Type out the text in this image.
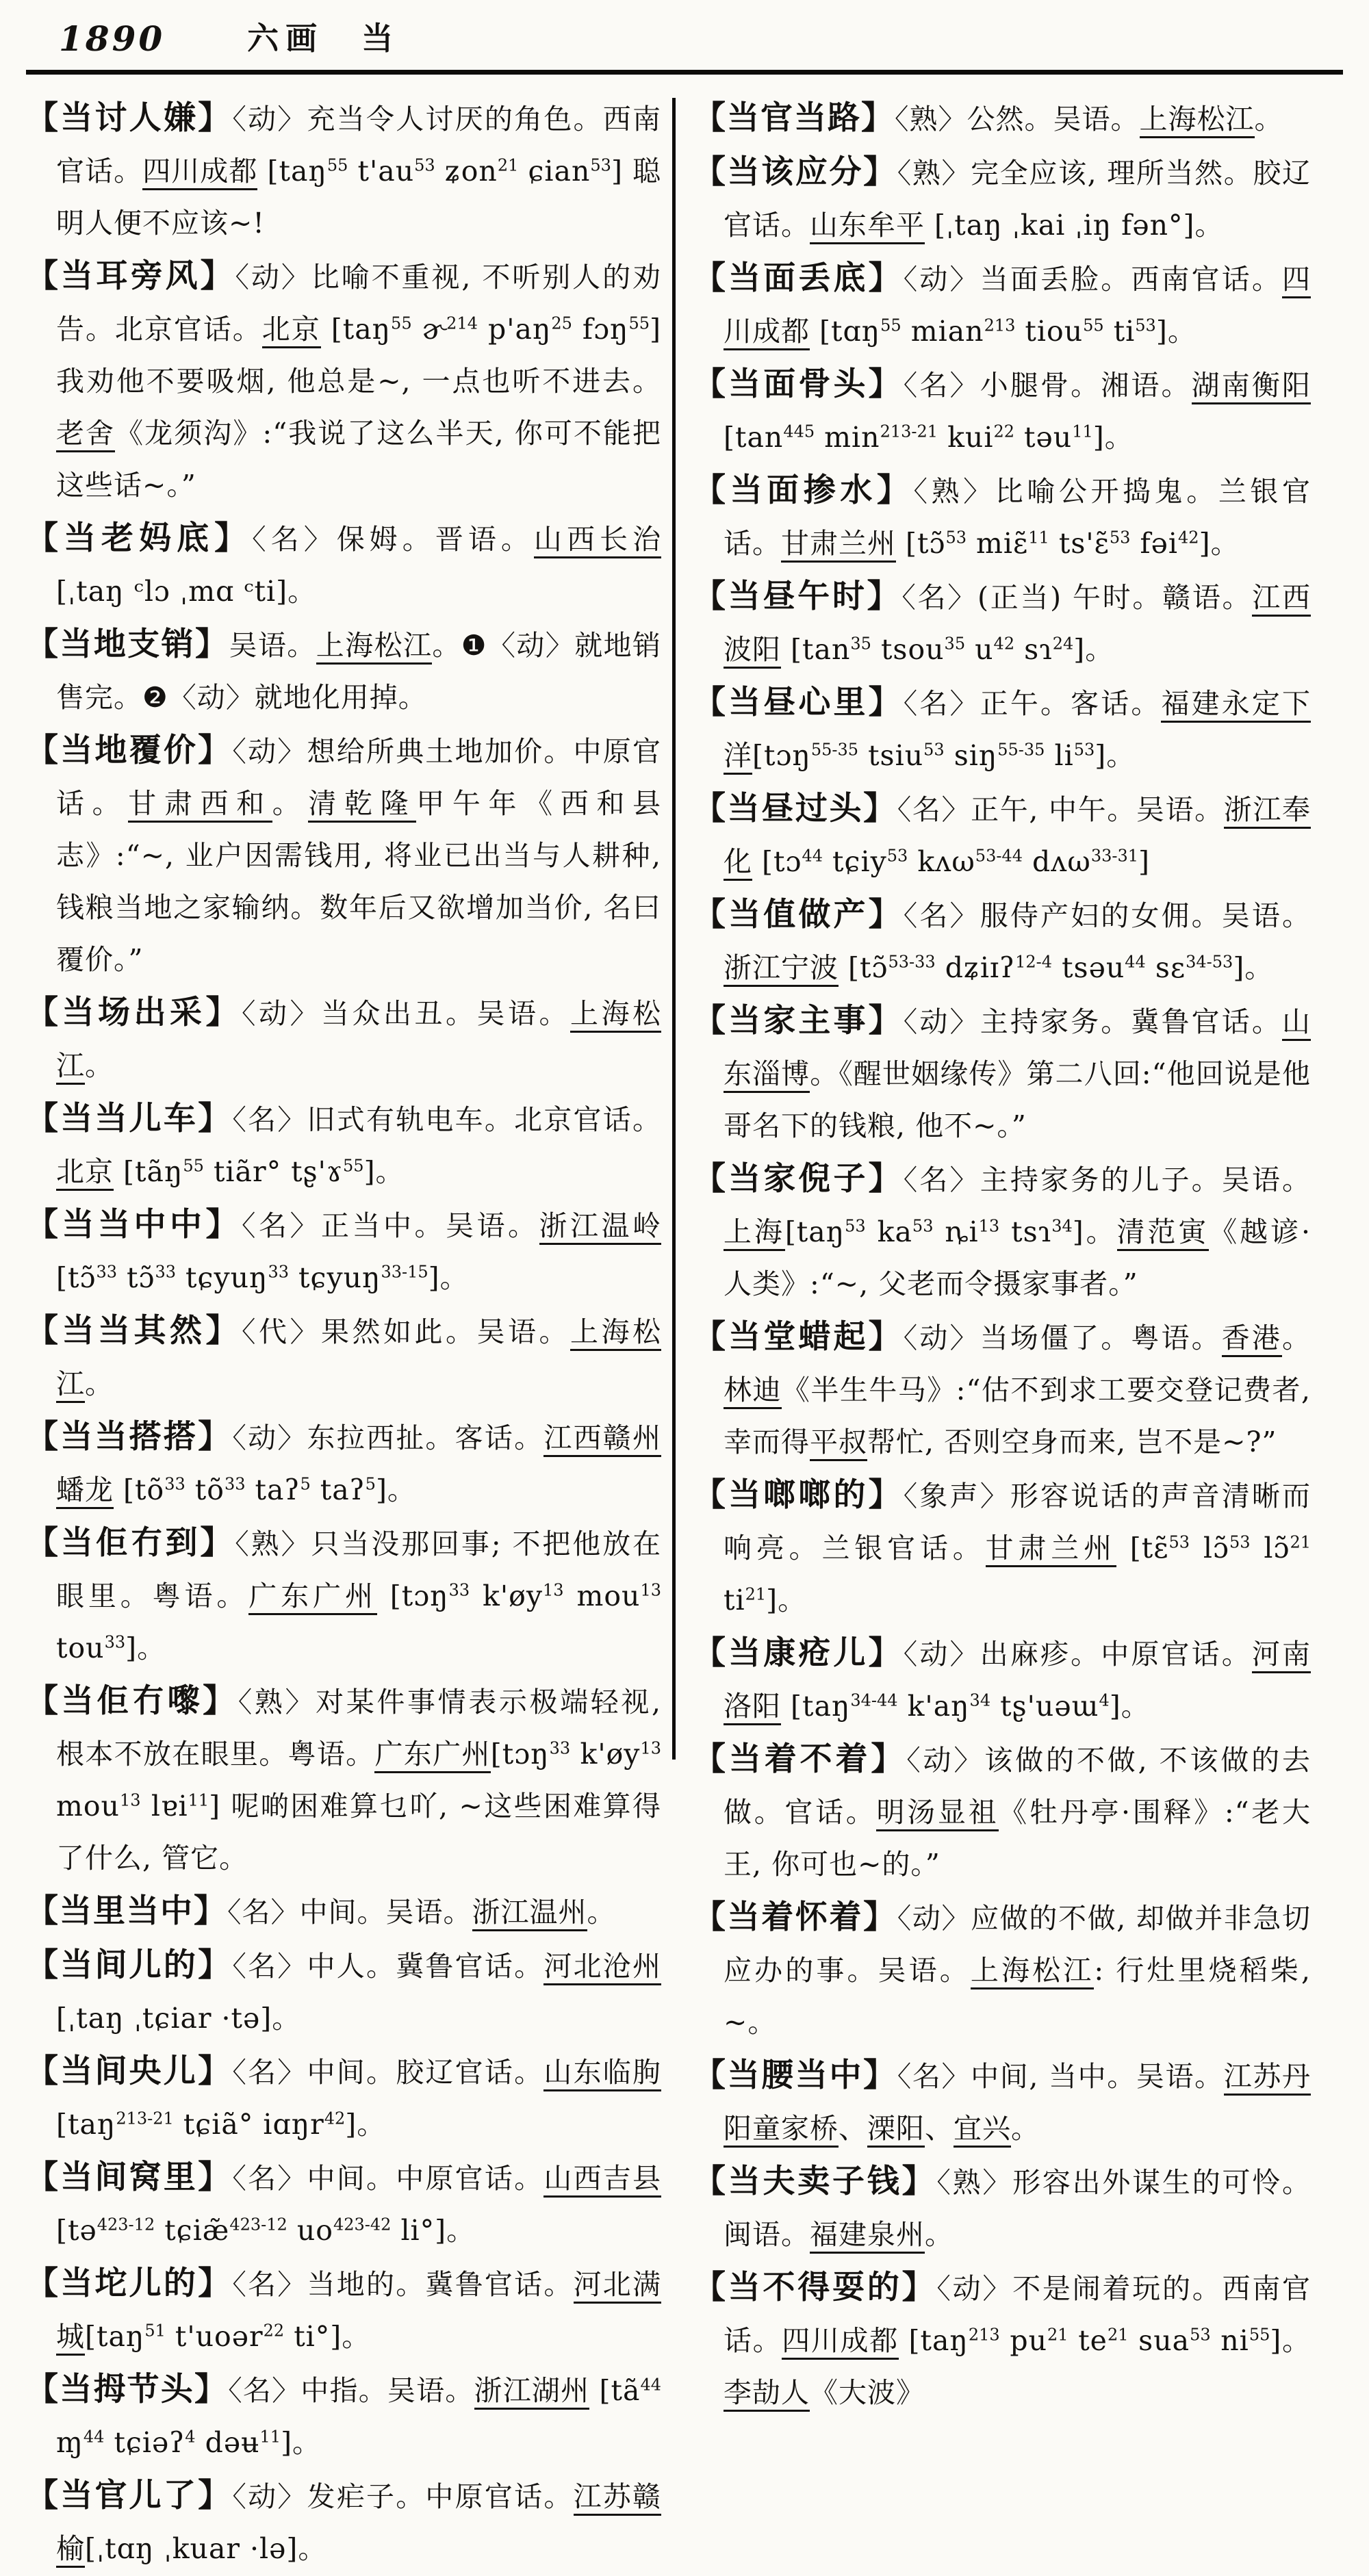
1890	六画 当
【当讨人嫌】〈动〉充当令人讨厌的角色。西南官话。四川成都 [taŋ$^{55}$ $t'au^{53}$ ʑon$^{21}$ ɕian$^{53}$] 聪明人便不应该~!
【当耳旁风】〈动〉比喻不重视, 不听别人的劝告。北京官话。北京 [taŋ$^{55}$ ɚ$^{214}$ $p'aŋ^{25}$ fɔŋ$^{55}$] 我劝他不要吸烟, 他总是~, 一点也听不进去。老舍《龙须沟》:“我说了这么半天, 你可不能把这些话~。”
【当老妈底】〈名〉保姆。晋语。山西长治 [ˌtaŋ ᶜlɔ ˌmɑ ᶜti]。
【当地支销】吴语。上海松江。❶〈动〉就地销售完。❷〈动〉就地化用掉。
【当地覆价】〈动〉想给所典土地加价。中原官话。甘肃西和。清乾隆甲午年《西和县志》:“~, 业户因需钱用, 将业已出当与人耕种, 钱粮当地之家输纳。数年后又欲增加当价, 名曰覆价。”
【当场出采】〈动〉当众出丑。吴语。上海松江。
【当当儿车】〈名〉旧式有轨电车。北京官话。北京 [tãŋ$^{55}$ tiãr° tʂ'ɤ$^{55}$]。
【当当中中】〈名〉正当中。吴语。浙江温岭 [tɔ̃$^{33}$ tɔ̃$^{33}$ tɕyuŋ$^{33}$ tɕyuŋ$^{33-15}$]。
【当当其然】〈代〉果然如此。吴语。上海松江。
【当当搭搭】〈动〉东拉西扯。客话。江西赣州蟠龙 [$tõ^{33}$ $tõ^{33}$ taʔ$^5$ taʔ$^5$]。
【当佢冇到】〈熟〉只当没那回事; 不把他放在眼里。粤语。广东广州 [tɔŋ$^{33}$ $k'øy^{13}$ mou$^{13}$ tou$^{33}$]。
【当佢冇嚟】〈熟〉对某件事情表示极端轻视, 根本不放在眼里。粤语。广东广州[tɔŋ$^{33}$ $k'øy^{13}$ mou$^{13}$ lɐi$^{11}$] 呢啲困难算乜吖, ~这些困难算得了什么, 管它。
【当里当中】〈名〉中间。吴语。浙江温州。
【当间儿的】〈名〉中人。冀鲁官话。河北沧州 [ˌtaŋ ˌtɕiar ·tə]。
【当间央儿】〈名〉中间。胶辽官话。山东临朐 [taŋ$^{213-21}$ tɕiã° iɑŋr$^{42}$]。
【当间窝里】〈名〉中间。中原官话。山西吉县 [tə$^{423-12}$ tɕiæ̃$^{423-12}$ $uo^{423-42}$ li°]。
【当坨儿的】〈名〉当地的。冀鲁官话。河北满城[taŋ$^{51}$ t'uoər$^{22}$ ti°]。
【当拇节头】〈名〉中指。吴语。浙江湖州 [$tã^{44}$ ɱ$^{44}$ tɕiəʔ$^4$ dəʉ$^{11}$]。
【当官儿了】〈动〉发疟子。中原官话。江苏赣榆[ˌtɑŋ ˌkuar ·lə]。
【当官当路】〈熟〉公然。吴语。上海松江。
【当该应分】〈熟〉完全应该, 理所当然。胶辽官话。山东牟平 [ˌtaŋ ˌkai ˌiŋ fən°]。
【当面丢底】〈动〉当面丢脸。西南官话。四川成都 [tɑŋ$^{55}$ mian$^{213}$ tiou$^{55}$ $ti^{53}$]。
【当面骨头】〈名〉小腿骨。湘语。湖南衡阳 [$\tan^{445}$ $\min^{213-21} kui^{22}$ təu$^{11}$]。
【当面掺水】〈熟〉比喻公开捣鬼。兰银官话。甘肃兰州 [tɔ̃$^{53}$ miɛ̃$^{11}$ ts'ɛ̃$^{53}$ fəi$^{42}$]。
【当昼午时】〈名〉(正当) 午时。赣语。江西波阳 [$\tan^{35}$ tsou$^{35}$ $u^{42}$ sɿ$^{24}$]。
【当昼心里】〈名〉正午。客话。福建永定下洋[tɔŋ$^{55-35}$ tsiu$^{53}$ siŋ$^{55-35}$ $li^{53}$]。
【当昼过头】〈名〉正午, 中午。吴语。浙江奉化 [tɔ$^{44}$ tɕiy$^{53}$ kʌω$^{53-44}$ dʌω$^{33-31}$]
【当值做产】〈名〉服侍产妇的女佣。吴语。浙江宁波 [tɔ̃$^{53-33}$ dʑiɪʔ$^{12-4}$ tsəu$^{44}$ sɛ$^{34-53}$]。
【当家主事】〈动〉主持家务。冀鲁官话。山东淄博。《醒世姻缘传》第二八回:“他回说是他哥名下的钱粮, 他不~。”
【当家倪子】〈名〉主持家务的儿子。吴语。上海[taŋ$^{53}$ $ka^{53}$ $ȵi^{13}$ tsɿ$^{34}$]。清范寅《越谚·人类》:“~, 父老而令摄家事者。”
【当堂蜡起】〈动〉当场僵了。粤语。香港。林迪《半生牛马》:“估不到求工要交登记费者, 幸而得平叔帮忙, 否则空身而来, 岂不是~?”
【当啷啷的】〈象声〉形容说话的声音清晰而响亮。兰银官话。甘肃兰州 [tɛ̃$^{53}$ lɔ̃$^{53}$ lɔ̃$^{21}$ $ti^{21}$]。
【当康疮儿】〈动〉出麻疹。中原官话。河南洛阳 [taŋ$^{34-44}$ $k'aŋ^{34}$ tʂ'uəɯ$^4$]。
【当着不着】〈动〉该做的不做, 不该做的去做。官话。明汤显祖《牡丹亭·围释》:“老大王, 你可也~的。”
【当着怀着】〈动〉应做的不做, 却做并非急切应办的事。吴语。上海松江: 行灶里烧稻柴, ~。
【当腰当中】〈名〉中间, 当中。吴语。江苏丹阳童家桥、溧阳、宜兴。
【当夫卖子钱】〈熟〉形容出外谋生的可怜。闽语。福建泉州。
【当不得耍的】〈动〉不是闹着玩的。西南官话。四川成都 [taŋ$^{213}$ $pu^{21}$ $te^{21}$ sua$^{53}$ $ni^{55}$]。李劼人《大波》
